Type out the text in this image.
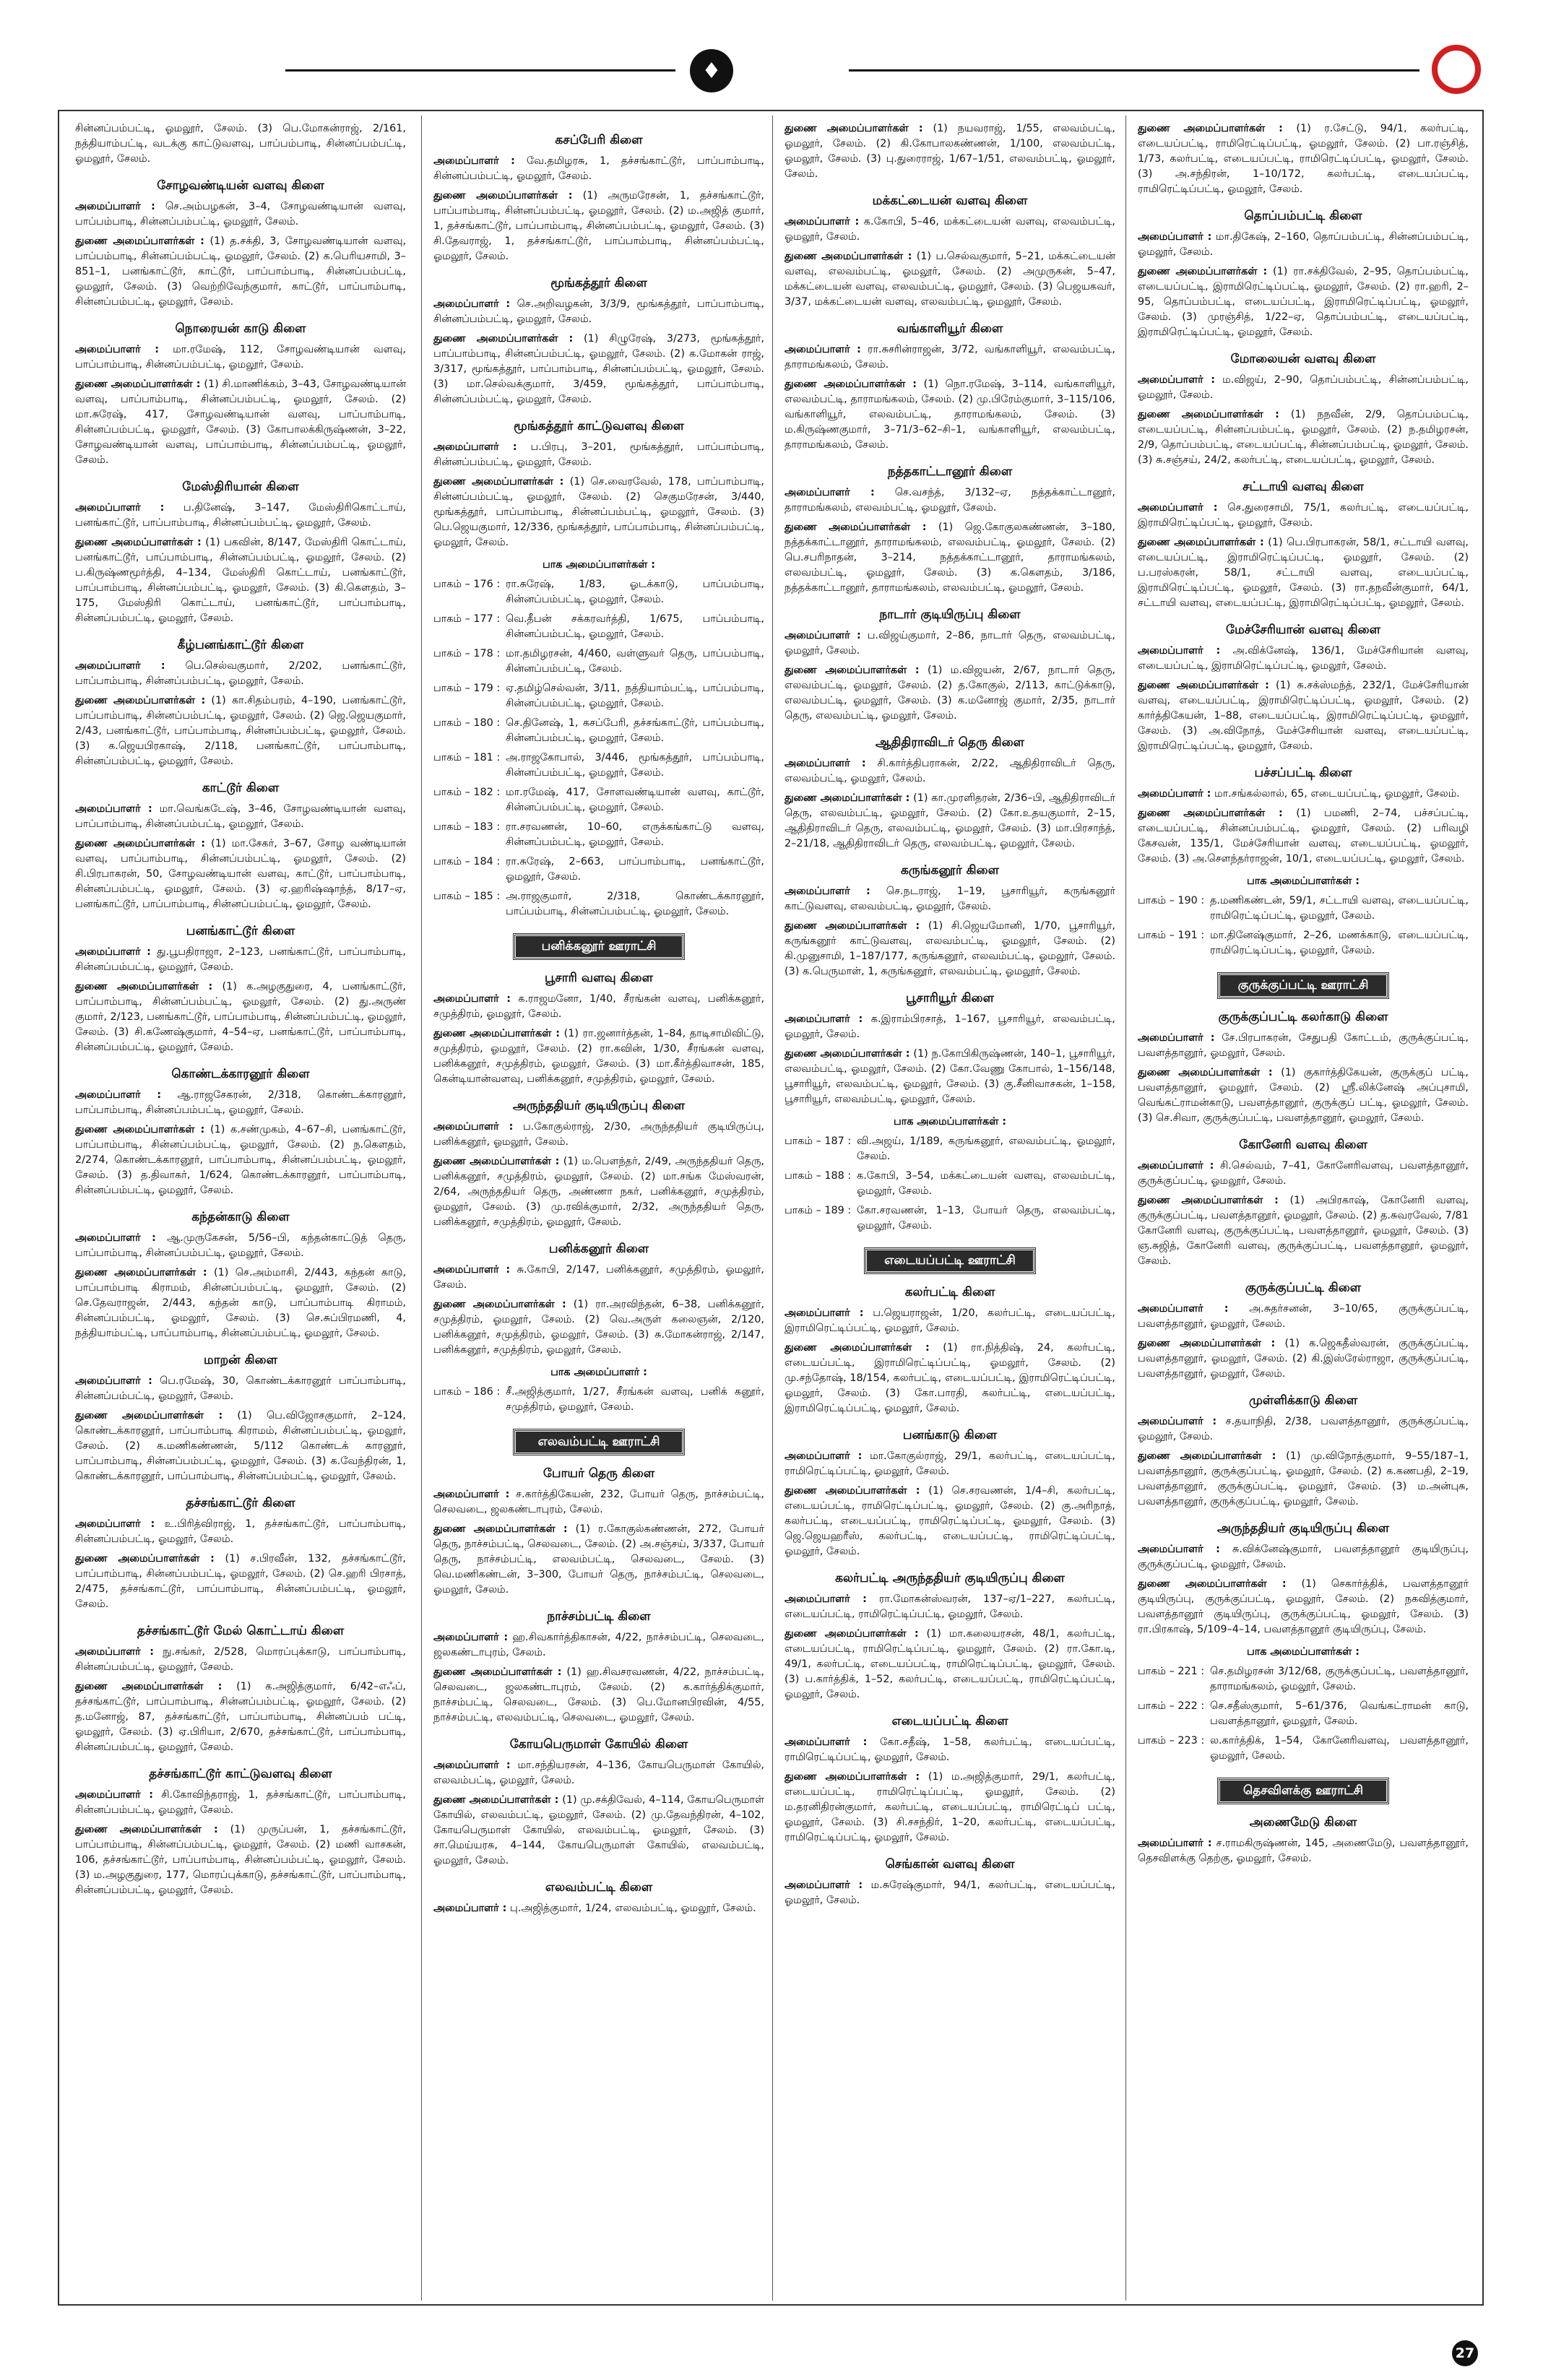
♦

சின்னப்பம்பட்டி, ஓமலூர், சேலம். (3) பெ.மோகன்ராஜ், 2/161, நத்தியாம்பட்டி, வடக்கு காட்டுவளவு, பாப்பம்பாடி, சின்னப்பம்பட்டி, ஓமலூர், சேலம்.

சோழவண்டியன் வளவு கிளை

அமைப்பாளர் : செ.அம்பழகன், 3–4, சோழவண்டியான் வளவு, பாப்பம்பாடி, சின்னப்பம்பட்டி, ஓமலூர், சேலம்.

துணை அமைப்பாளர்கள் : (1) த.சக்தி, 3, சோழவண்டியான் வளவு, பாப்பம்பாடி, சின்னப்பம்பட்டி, ஓமலூர், சேலம். (2) க.பெரியசாமி, 3–851–1, பனங்காட்டூர், காட்டூர், பாப்பாம்பாடி, சின்னப்பம்பட்டி, ஓமலூர், சேலம். (3) வெற்றிவேந்குமார், காட்டூர், பாப்பாம்பாடி, சின்னப்பம்பட்டி, ஓமலூர், சேலம்.

நொரையன் காடு கிளை

அமைப்பாளர் : மா.ரமேஷ், 112, சோழவண்டியான் வளவு, பாப்பாம்பாடி, சின்னப்பம்பட்டி, ஓமலூர், சேலம்.

துணை அமைப்பாளர்கள் : (1) சி.மாணிக்கம், 3–43, சோழவண்டியான் வளவு, பாப்பாம்பாடி, சின்னப்பம்பட்டி, ஓமலூர், சேலம். (2) மா.சுரேஷ், 417, சோழவண்டியான் வளவு, பாப்பாம்பாடி, சின்னப்பம்பட்டி, ஓமலூர், சேலம். (3) கோபாலக்கிருஷ்ணன், 3–22, சோழவண்டியான் வளவு, பாப்பாம்பாடி, சின்னப்பம்பட்டி, ஓமலூர், சேலம்.

மேஸ்திரியான் கிளை

அமைப்பாளர் : ப.தினேஷ், 3–147, மேஸ்திரிகொட்டாய், பனங்காட்டூர், பாப்பாம்பாடி, சின்னப்பம்பட்டி, ஓமலூர், சேலம்.

துணை அமைப்பாளர்கள் : (1) பகவின், 8/147, மேஸ்திரி கொட்டாய், பனங்காட்டூர், பாப்பாம்பாடி, சின்னப்பம்பட்டி, ஓமலூர், சேலம். (2) ப.கிருஷ்ணமூர்த்தி, 4–134, மேஸ்திரி கொட்டாய், பனங்காட்டூர், பாப்பாம்பாடி, சின்னப்பம்பட்டி, ஓமலூர், சேலம். (3) கி.கௌதம், 3–175, மேஸ்திரி கொட்டாய், பனங்காட்டூர், பாப்பாம்பாடி, சின்னப்பம்பட்டி, ஓமலூர், சேலம்.

கீழ்பனங்காட்டூர் கிளை

அமைப்பாளர் : பெ.செல்வகுமார், 2/202, பனங்காட்டூர், பாப்பாம்பாடி, சின்னப்பம்பட்டி, ஓமலூர், சேலம்.

துணை அமைப்பாளர்கள் : (1) கா.சிதம்பரம், 4–190, பனங்காட்டூர், பாப்பாம்பாடி, சின்னப்பம்பட்டி, ஓமலூர், சேலம். (2) ஜெ.ஜெயகுமார், 2/43, பனங்காட்டூர், பாப்பாம்பாடி, சின்னப்பம்பட்டி, ஓமலூர், சேலம். (3) க.ஜெயபிரகாஷ், 2/118, பனங்காட்டூர், பாப்பாம்பாடி, சின்னப்பம்பட்டி, ஓமலூர், சேலம்.

காட்டூர் கிளை

அமைப்பாளர் : மா.வெங்கடேஷ், 3–46, சோழவண்டியான் வளவு, பாப்பாம்பாடி, சின்னப்பம்பட்டி, ஓமலூர், சேலம்.

துணை அமைப்பாளர்கள் : (1) மா.சேகர், 3–67, சோழ வண்டியான் வளவு, பாப்பாம்பாடி, சின்னப்பம்பட்டி, ஓமலூர், சேலம். (2) சி.பிரபாகரன், 50, சோழவண்டியான் வளவு, காட்டூர், பாப்பாம்பாடி, சின்னப்பம்பட்டி, ஓமலூர், சேலம். (3) ஏ.ஹரிஷ்ஷாந்த், 8/17–ஏ, பனங்காட்டூர், பாப்பாம்பாடி, சின்னப்பம்பட்டி, ஓமலூர், சேலம்.

பனங்காட்டூர் கிளை

அமைப்பாளர் : து.பூபதிராஜா, 2–123, பனங்காட்டூர், பாப்பாம்பாடி, சின்னப்பம்பட்டி, ஓமலூர், சேலம்.

துணை அமைப்பாளர்கள் : (1) க.அழகுதுரை, 4, பனங்காட்டூர், பாப்பாம்பாடி, சின்னப்பம்பட்டி, ஓமலூர், சேலம். (2) து.அருண் குமார், 2/123, பனங்காட்டூர், பாப்பாம்பாடி, சின்னப்பம்பட்டி, ஓமலூர், சேலம். (3) சி.கணேஷ்குமார், 4–54–ஏ, பனங்காட்டூர், பாப்பாம்பாடி, சின்னப்பம்பட்டி, ஓமலூர், சேலம்.

கொண்டக்காரனூர் கிளை

அமைப்பாளர் : ஆ.ராஜசேகரன், 2/318, கொண்டக்காரனூர், பாப்பாம்பாடி, சின்னப்பம்பட்டி, ஓமலூர், சேலம்.

துணை அமைப்பாளர்கள் : (1) க.சண்முகம், 4–67–சி, பனங்காட்டூர், பாப்பாம்பாடி, சின்னப்பம்பட்டி, ஓமலூர், சேலம். (2) ந.கௌதம், 2/274, கொண்டக்காரனூர், பாப்பாம்பாடி, சின்னப்பம்பட்டி, ஓமலூர், சேலம். (3) த.திவாகர், 1/624, கொண்டக்காரனூர், பாப்பாம்பாடி, சின்னப்பம்பட்டி, ஓமலூர், சேலம்.

கந்தன்காடு கிளை

அமைப்பாளர் : ஆ.முருகேசன், 5/56–பி, கந்தன்காட்டுத் தெரு, பாப்பாம்பாடி, சின்னப்பம்பட்டி, ஓமலூர், சேலம்.

துணை அமைப்பாளர்கள் : (1) செ.அம்மாசி, 2/443, கந்தன் காடு, பாப்பாம்பாடி கிராமம், சின்னப்பம்பட்டி, ஓமலூர், சேலம். (2) செ.தேவராஜன், 2/443, கந்தன் காடு, பாப்பாம்பாடி கிராமம், சின்னப்பம்பட்டி, ஓமலூர், சேலம். (3) செ.சுப்பிரமணி, 4, நத்தியாம்பட்டி, பாப்பாம்பாடி, சின்னப்பம்பட்டி, ஓமலூர், சேலம்.

மாறன் கிளை

அமைப்பாளர் : பெ.ரமேஷ், 30, கொண்டக்காரனூர் பாப்பாம்பாடி, சின்னப்பம்பட்டி, ஓமலூர், சேலம்.

துணை அமைப்பாளர்கள் : (1) பெ.விஜோசகுமார், 2–124, கொண்டக்காரனூர், பாப்பாம்பாடி கிராமம், சின்னப்பம்பட்டி, ஓமலூர், சேலம். (2) க.மணிகண்ணன், 5/112 கொண்டக் காரனூர், பாப்பாம்பாடி, சின்னப்பம்பட்டி, ஓமலூர், சேலம். (3) க.வேந்திரன், 1, கொண்டக்காரனூர், பாப்பாம்பாடி, சின்னப்பம்பட்டி, ஓமலூர், சேலம்.

தச்சங்காட்டூர் கிளை

அமைப்பாளர் : உ.பிரித்விராஜ், 1, தச்சங்காட்டூர், பாப்பாம்பாடி, சின்னப்பம்பட்டி, ஓமலூர், சேலம்.

துணை அமைப்பாளர்கள் : (1) ச.பிரவீன், 132, தச்சங்காட்டூர், பாப்பாம்பாடி, சின்னப்பம்பட்டி, ஓமலூர், சேலம். (2) செ.ஹரி பிரசாத், 2/475, தச்சங்காட்டூர், பாப்பாம்பாடி, சின்னப்பம்பட்டி, ஓமலூர், சேலம்.

தச்சங்காட்டூர் மேல் கொட்டாய் கிளை

அமைப்பாளர் : நு.சங்கர், 2/528, மொரப்புக்காடு, பாப்பாம்பாடி, சின்னப்பம்பட்டி, ஓமலூர், சேலம்.

துணை அமைப்பாளர்கள் : (1) க.அஜித்குமார், 6/42–எஃப், தச்சங்காட்டூர், பாப்பாம்பாடி, சின்னப்பம்பட்டி, ஓமலூர், சேலம். (2) த.மனோஜ், 87, தச்சங்காட்டூர், பாப்பாம்பாடி, சின்னப்பம் பட்டி, ஓமலூர், சேலம். (3) ஏ.பிரியா, 2/670, தச்சங்காட்டூர், பாப்பாம்பாடி, சின்னப்பம்பட்டி, ஓமலூர், சேலம்.

தச்சங்காட்டூர் காட்டுவளவு கிளை

அமைப்பாளர் : சி.கோவிந்தராஜ், 1, தச்சங்காட்டூர், பாப்பாம்பாடி, சின்னப்பம்பட்டி, ஓமலூர், சேலம்.

துணை அமைப்பாளர்கள் : (1) முருப்பன், 1, தச்சங்காட்டூர், பாப்பாம்பாடி, சின்னப்பம்பட்டி, ஓமலூர், சேலம். (2) மணி வாசகன், 106, தச்சங்காட்டூர், பாப்பாம்பாடி, சின்னப்பம்பட்டி, ஓமலூர், சேலம். (3) ம.அழகுதுரை, 177, மொரப்புக்காடு, தச்சங்காட்டூர், பாப்பாம்பாடி, சின்னப்பம்பட்டி, ஓமலூர், சேலம்.

கசப்பேரி கிளை

அமைப்பாளர் : வே.தமிழரசு, 1, தச்சங்காட்டூர், பாப்பாம்பாடி, சின்னப்பம்பட்டி, ஓமலூர், சேலம்.

துணை அமைப்பாளர்கள் : (1) அருமரேசன், 1, தச்சங்காட்டூர், பாப்பாம்பாடி, சின்னப்பம்பட்டி, ஓமலூர், சேலம். (2) ம.அஜித் குமார், 1, தச்சங்காட்டூர், பாப்பாம்பாடி, சின்னப்பம்பட்டி, ஓமலூர், சேலம். (3) சி.தேவராஜ், 1, தச்சங்காட்டூர், பாப்பாம்பாடி, சின்னப்பம்பட்டி, ஓமலூர், சேலம்.

மூங்கத்தூர் கிளை

அமைப்பாளர் : செ.அறிவழகன், 3/3/9, மூங்கத்தூர், பாப்பாம்பாடி, சின்னப்பம்பட்டி, ஓமலூர், சேலம்.

துணை அமைப்பாளர்கள் : (1) சிழுரேஷ், 3/273, மூங்கத்தூர், பாப்பாம்பாடி, சின்னப்பம்பட்டி, ஓமலூர், சேலம். (2) க.மோகன் ராஜ், 3/317, மூங்கத்தூர், பாப்பாம்பாடி, சின்னப்பம்பட்டி, ஓமலூர், சேலம். (3) மா.செல்வக்குமார், 3/459, மூங்கத்தூர், பாப்பாம்பாடி, சின்னப்பம்பட்டி, ஓமலூர், சேலம்.

மூங்கத்தூர் காட்டுவளவு கிளை

அமைப்பாளர் : ப.பிரபு, 3–201, மூங்கத்தூர், பாப்பாம்பாடி, சின்னப்பம்பட்டி, ஓமலூர், சேலம்.

துணை அமைப்பாளர்கள் : (1) செ.வைரவேல், 178, பாப்பாம்பாடி, சின்னப்பம்பட்டி, ஓமலூர், சேலம். (2) செகுமரேசன், 3/440, மூங்கத்தூர், பாப்பாம்பாடி, சின்னப்பம்பட்டி, ஓமலூர், சேலம். (3) பெ.ஜெயகுமார், 12/336, மூங்கத்தூர், பாப்பாம்பாடி, சின்னப்பம்பட்டி, ஓமலூர், சேலம்.

பாக அமைப்பாளர்கள் :
பாகம் – 176 : ரா.சுரேஷ், 1/83, ஓடக்காடு, பாப்பம்பாடி, சின்னப்பம்பட்டி, ஓமலூர், சேலம்.
பாகம் – 177 : வெ.தீபன் சக்கரவர்த்தி, 1/675, பாப்பம்பாடி, சின்னப்பம்பட்டி, ஓமலூர், சேலம்.
பாகம் – 178 : மா.தமிழரசன், 4/460, வள்ளுவர் தெரு, பாப்பம்பாடி, சின்னப்பம்பட்டி, சேலம்.
பாகம் – 179 : ஏ.தமிழ்செல்வன், 3/11, நத்தியாம்பட்டி, பாப்பம்பாடி, சின்னப்பம்பட்டி, ஓமலூர், சேலம்.
பாகம் – 180 : செ.தினேஷ், 1, கசப்பேரி, தச்சங்காட்டூர், பாப்பம்பாடி, சின்னப்பம்பட்டி, ஓமலூர், சேலம்.
பாகம் – 181 : அ.ராஜகோபால், 3/446, மூங்கத்தூர், பாப்பம்பாடி, சின்னப்பம்பட்டி, ஓமலூர், சேலம்.
பாகம் – 182 : மா.ரமேஷ், 417, சோளவண்டியான் வளவு, காட்டூர், சின்னப்பம்பட்டி, ஓமலூர், சேலம்.
பாகம் – 183 : ரா.சரவணன், 10–60, எருக்கங்காட்டு வளவு, சின்னப்பம்பட்டி, ஓமலூர், சேலம்.
பாகம் – 184 : ரா.சுரேஷ், 2–663, பாப்பாம்பாடி, பனங்காட்டூர், ஓமலூர், சேலம்.
பாகம் – 185 : அ.ராஜகுமார், 2/318, கொண்டக்காரனூர், பாப்பம்பாடி, சின்னப்பம்பட்டி, ஓமலூர், சேலம்.
பனிக்கனூர் ஊராட்சி
பூசாரி வளவு கிளை

அமைப்பாளர் : க.ராஜமனோ, 1/40, சீரங்கன் வளவு, பனிக்கனூர், சமுத்திரம், ஓமலூர், சேலம்.

துணை அமைப்பாளர்கள் : (1) ரா.ஜனார்த்தன், 1–84, தாடிசாமிவிட்டு, சமுத்திரம், ஓமலூர், சேலம். (2) ரா.கவின், 1/30, சீரங்கன் வளவு, பனிக்கனூர், சமுத்திரம், ஓமலூர், சேலம். (3) மா.கீர்த்திவாசன், 185, கென்டியான்வளவு, பனிக்கனூர், சமுத்திரம், ஓமலூர், சேலம்.

அருந்ததியர் குடியிருப்பு கிளை

அமைப்பாளர் : ப.கோகுல்ராஜ், 2/30, அருந்ததியர் குடியிருப்பு, பனிக்கனூர், ஓமலூர், சேலம்.

துணை அமைப்பாளர்கள் : (1) ம.பௌந்தர், 2/49, அருந்ததியர் தெரு, பனிக்கனூர், சமுத்திரம், ஓமலூர், சேலம். (2) மா.சங்க மேஸ்வரன், 2/64, அருந்ததியர் தெரு, அண்ணா நகர், பனிக்கனூர், சமுத்திரம், ஓமலூர், சேலம். (3) மு.ரவிக்குமார், 2/32, அருந்ததியர் தெரு, பனிக்கனூர், சமுத்திரம், ஓமலூர், சேலம்.

பனிக்கனூர் கிளை

அமைப்பாளர் : சு.கோபி, 2/147, பனிக்கனூர், சமுத்திரம், ஓமலூர், சேலம்.

துணை அமைப்பாளர்கள் : (1) ரா.அரவிந்தன், 6–38, பனிக்கனூர், சமுத்திரம், ஓமலூர், சேலம். (2) வெ.அருள் கலைஞன், 2/120, பனிக்கனூர், சமுத்திரம், ஓமலூர், சேலம். (3) சு.மோகன்ராஜ், 2/147, பனிக்கனூர், சமுத்திரம், ஓமலூர், சேலம்.

பாக அமைப்பாளர் :
பாகம் – 186 : சீ.அஜித்குமார், 1/27, சீரங்கன் வளவு, பனிக் கனூர், சமுத்திரம், ஓமலூர், சேலம்.
எலவம்பட்டி ஊராட்சி
போயர் தெரு கிளை

அமைப்பாளர் : ச.கார்த்திகேயன், 232, போயர் தெரு, நாச்சம்பட்டி, செலவடை, ஜலகண்டாபுரம், சேலம்.

துணை அமைப்பாளர்கள் : (1) ர.கோகுல்கண்ணன், 272, போயர் தெரு, நாச்சம்பட்டி, செலவடை, சேலம். (2) அ.சஞ்சய், 3/337, போயர் தெரு, நாச்சம்பட்டி, எலவம்பட்டி, செலவடை, சேலம். (3) வெ.மணிகண்டன், 3–300, போயர் தெரு, நாச்சம்பட்டி, செலவடை, ஓமலூர், சேலம்.

நாச்சம்பட்டி கிளை

அமைப்பாளர் : ஹ.சிவகார்த்திகாசன், 4/22, நாச்சம்பட்டி, செலவடை, ஜலகண்டாபுரம், சேலம்.

துணை அமைப்பாளர்கள் : (1) ஹ.சிவசரவணன், 4/22, நாச்சம்பட்டி, செலவடை, ஜலகண்டாபுரம், சேலம். (2) க.கார்த்திக்குமார், நாச்சம்பட்டி, செலவடை, சேலம். (3) பெ.மோனபிரவின், 4/55, நாச்சம்பட்டி, எலவம்பட்டி, செலவடை, ஓமலூர், சேலம்.

கோயபெருமாள் கோயில் கிளை

அமைப்பாளர் : மா.சந்தியரசன், 4–136, கோயபெருமாள் கோயில், எலவம்பட்டி, ஓமலூர், சேலம்.

துணை அமைப்பாளர்கள் : (1) மு.சக்திவேல், 4–114, கோயபெருமாள் கோயில், எலவம்பட்டி, ஓமலூர், சேலம். (2) மு.தேவந்திரன், 4–102, கோயபெருமாள் கோயில், எலவம்பட்டி, ஓமலூர், சேலம். (3) சா.மெய்யரசு, 4–144, கோயபெருமாள் கோயில், எலவம்பட்டி, ஓமலூர், சேலம்.

எலவம்பட்டி கிளை

அமைப்பாளர் : பு.அஜித்குமார், 1/24, எலவம்பட்டி, ஓமலூர், சேலம்.

துணை அமைப்பாளர்கள் : (1) நயவராஜ், 1/55, எலவம்பட்டி, ஓமலூர், சேலம். (2) கி.கோபாலகண்ணன், 1/100, எலவம்பட்டி, ஓமலூர், சேலம். (3) பு.துரைராஜ், 1/67–1/51, எலவம்பட்டி, ஓமலூர், சேலம்.

மக்கட்டையன் வளவு கிளை

அமைப்பாளர் : க.கோபி, 5–46, மக்கட்டையன் வளவு, எலவம்பட்டி, ஓமலூர், சேலம்.

துணை அமைப்பாளர்கள் : (1) ப.செல்வகுமார், 5–21, மக்கட்டையன் வளவு, எலவம்பட்டி, ஓமலூர், சேலம். (2) அமுருகன், 5–47, மக்கட்டையன் வளவு, எலவம்பட்டி, ஓமலூர், சேலம். (3) பெஜயகவர், 3/37, மக்கட்டையன் வளவு, எலவம்பட்டி, ஓமலூர், சேலம்.

வங்காளியூர் கிளை

அமைப்பாளர் : ரா.சுசரின்ராஜன், 3/72, வங்காளியூர், எலவம்பட்டி, தாராமங்கலம், சேலம்.

துணை அமைப்பாளர்கள் : (1) நொ.ரமேஷ், 3–114, வங்காளியூர், எலவம்பட்டி, தாராமங்கலம், சேலம். (2) மு.பிரேம்குமார், 3–115/106, வங்காளியூர், எலவம்பட்டி, தாராமங்கலம், சேலம். (3) ம.கிருஷ்ணகுமார், 3–71/3–62–சி–1, வங்காளியூர், எலவம்பட்டி, தாராமங்கலம், சேலம்.

நத்தகாட்டானூர் கிளை

அமைப்பாளர் : செ.வசந்த், 3/132–ஏ, நத்தக்காட்டானூர், தாராமங்கலம், எலவம்பட்டி, ஓமலூர், சேலம்.

துணை அமைப்பாளர்கள் : (1) ஜெ.கோகுலகண்ணன், 3–180, நத்தக்காட்டானூர், தாராமங்கலம், எலவம்பட்டி, ஓமலூர், சேலம். (2) பெ.சபரிநாதன், 3–214, நத்தக்காட்டானூர், தாராமங்கலம், எலவம்பட்டி, ஓமலூர், சேலம். (3) க.கௌதம், 3/186, நத்தக்காட்டானூர், தாராமங்கலம், எலவம்பட்டி, ஓமலூர், சேலம்.

நாடார் குடியிருப்பு கிளை

அமைப்பாளர் : ப.விஜய்குமார், 2–86, நாடார் தெரு, எலவம்பட்டி, ஓமலூர், சேலம்.

துணை அமைப்பாளர்கள் : (1) ம.விஜயன், 2/67, நாடார் தெரு, எலவம்பட்டி, ஓமலூர், சேலம். (2) த.கோகுல், 2/113, காட்டுக்காடு, எலவம்பட்டி, ஓமலூர், சேலம். (3) க.மனோஜ் குமார், 2/35, நாடார் தெரு, எலவம்பட்டி, ஓமலூர், சேலம்.

ஆதிதிராவிடர் தெரு கிளை

அமைப்பாளர் : சி.கார்த்திபராகன், 2/22, ஆதிதிராவிடர் தெரு, எலவம்பட்டி, ஓமலூர், சேலம்.

துணை அமைப்பாளர்கள் : (1) கா.முரளிதரன், 2/36–பி, ஆதிதிராவிடர் தெரு, எலவம்பட்டி, ஓமலூர், சேலம். (2) கோ.உதயகுமார், 2–15, ஆதிதிராவிடர் தெரு, எலவம்பட்டி, ஓமலூர், சேலம். (3) மா.பிரசாந்த், 2–21/18, ஆதிதிராவிடர் தெரு, எலவம்பட்டி, ஓமலூர், சேலம்.

கருங்கனூர் கிளை

அமைப்பாளர் : செ.நடராஜ், 1–19, பூசாரியூர், கருங்கனூர் காட்டுவளவு, எலவம்பட்டி, ஓமலூர், சேலம்.

துணை அமைப்பாளர்கள் : (1) சி.ஜெயமோனி, 1/70, பூசாரியூர், கருங்கனூர் காட்டுவளவு, எலவம்பட்டி, ஓமலூர், சேலம். (2) கி.முனுசாமி, 1–187/177, கருங்கனூர், எலவம்பட்டி, ஓமலூர், சேலம். (3) க.பெருமாள், 1, கருங்கனூர், எலவம்பட்டி, ஓமலூர், சேலம்.

பூசாரியூர் கிளை

அமைப்பாளர் : க.இராம்பிரசாத், 1–167, பூசாரியூர், எலவம்பட்டி, ஓமலூர், சேலம்.

துணை அமைப்பாளர்கள் : (1) ந.கோபிகிருஷ்ணன், 140–1, பூசாரியூர், எலவம்பட்டி, ஓமலூர், சேலம். (2) கோ.வேணு கோபால், 1–156/148, பூசாரியூர், எலவம்பட்டி, ஓமலூர், சேலம். (3) கு.சீனிவாசகன், 1–158, பூசாரியூர், எலவம்பட்டி, ஓமலூர், சேலம்.

பாக அமைப்பாளர்கள் :
பாகம் – 187 : வி.அஜய், 1/189, கருங்கனூர், எலவம்பட்டி, ஓமலூர், சேலம்.
பாகம் – 188 : க.கோபி, 3–54, மக்கட்டையன் வளவு, எலவம்பட்டி, ஓமலூர், சேலம்.
பாகம் – 189 : கோ.சரவணன், 1–13, போயர் தெரு, எலவம்பட்டி, ஓமலூர், சேலம்.
எடையப்பட்டி ஊராட்சி
கலர்பட்டி கிளை

அமைப்பாளர் : ப.ஜெயராஜன், 1/20, கலர்பட்டி, எடையப்பட்டி, இராமிரெட்டிப்பட்டி, ஓமலூர், சேலம்.

துணை அமைப்பாளர்கள் : (1) ரா.நித்திஷ், 24, கலர்பட்டி, எடையப்பட்டி, இராமிரெட்டிப்பட்டி, ஓமலூர், சேலம். (2) மு.சந்தோஷ், 18/154, கலர்பட்டி, எடையப்பட்டி, இராமிரெட்டிப்பட்டி, ஓமலூர், சேலம். (3) கோ.பாரதி, கலர்பட்டி, எடையப்பட்டி, இராமிரெட்டிப்பட்டி, ஓமலூர், சேலம்.

பனங்காடு கிளை

அமைப்பாளர் : மா.கோகுல்ராஜ், 29/1, கலர்பட்டி, எடையப்பட்டி, ராமிரெட்டிப்பட்டி, ஓமலூர், சேலம்.

துணை அமைப்பாளர்கள் : (1) செ.சரவணன், 1/4–சி, கலர்பட்டி, எடையப்பட்டி, ராமிரெட்டிப்பட்டி, ஓமலூர், சேலம். (2) கு.அரிநாத், கலர்பட்டி, எடையப்பட்டி, ராமிரெட்டிப்பட்டி, ஓமலூர், சேலம். (3) ஜெ.ஜெயஹரீஸ், கலர்பட்டி, எடையப்பட்டி, ராமிரெட்டிப்பட்டி, ஓமலூர், சேலம்.

கலர்பட்டி அருந்ததியர் குடியிருப்பு கிளை

அமைப்பாளர் : ரா.மோகன்ஸ்வரன், 137–ஏ/1–227, கலர்பட்டி, எடையப்பட்டி, ராமிரெட்டிப்பட்டி, ஓமலூர், சேலம்.

துணை அமைப்பாளர்கள் : (1) மா.கலையரசன், 48/1, கலர்பட்டி, எடையப்பட்டி, ராமிரெட்டிப்பட்டி, ஓமலூர், சேலம். (2) ரா.கோ.டி, 49/1, கலர்பட்டி, எடையப்பட்டி, ராமிரெட்டிப்பட்டி, ஓமலூர், சேலம். (3) ப.கார்த்திக், 1–52, கலர்பட்டி, எடையப்பட்டி, ராமிரெட்டிப்பட்டி, ஓமலூர், சேலம்.

எடையப்பட்டி கிளை

அமைப்பாளர் : கோ.சதீஷ், 1–58, கலர்பட்டி, எடையப்பட்டி, ராமிரெட்டிப்பட்டி, ஓமலூர், சேலம்.

துணை அமைப்பாளர்கள் : (1) ம.அஜித்குமார், 29/1, கலர்பட்டி, எடையப்பட்டி, ராமிரெட்டிப்பட்டி, ஓமலூர், சேலம். (2) ம.தரனிதிரன்குமார், கலர்பட்டி, எடையப்பட்டி, ராமிரெட்டிப் பட்டி, ஓமலூர், சேலம். (3) சி.சசந்திர், 1–20, கலர்பட்டி, எடையப்பட்டி, ராமிரெட்டிப்பட்டி, ஓமலூர், சேலம்.

செங்கான் வளவு கிளை

அமைப்பாளர் : ம.சுரேஷ்குமார், 94/1, கலர்பட்டி, எடையப்பட்டி, ஓமலூர், சேலம்.

துணை அமைப்பாளர்கள் : (1) ர.சேட்டு, 94/1, கலர்பட்டி, எடையப்பட்டி, ராமிரெட்டிப்பட்டி, ஓமலூர், சேலம். (2) பா.ரஞ்சித், 1/73, கலர்பட்டி, எடையப்பட்டி, ராமிரெட்டிப்பட்டி, ஓமலூர், சேலம். (3) அ.சந்திரன், 1–10/172, கலர்பட்டி, எடையப்பட்டி, ராமிரெட்டிப்பட்டி, ஓமலூர், சேலம்.

தொப்பம்பட்டி கிளை

அமைப்பாளர் : மா.திகேஷ், 2–160, தொப்பம்பட்டி, சின்னப்பம்பட்டி, ஓமலூர், சேலம்.

துணை அமைப்பாளர்கள் : (1) ரா.சக்திவேல், 2–95, தொப்பம்பட்டி, எடையப்பட்டி, இராமிரெட்டிப்பட்டி, ஓமலூர், சேலம். (2) ரா.ஹரி, 2–95, தொப்பம்பட்டி, எடையப்பட்டி, இராமிரெட்டிப்பட்டி, ஓமலூர், சேலம். (3) முரஞ்சித், 1/22–ஏ, தொப்பம்பட்டி, எடையப்பட்டி, இராமிரெட்டிப்பட்டி, ஓமலூர், சேலம்.

மோலையன் வளவு கிளை

அமைப்பாளர் : ம.விஜய், 2–90, தொப்பம்பட்டி, சின்னப்பம்பட்டி, ஓமலூர், சேலம்.

துணை அமைப்பாளர்கள் : (1) நநவீன், 2/9, தொப்பம்பட்டி, எடையப்பட்டி, சின்னப்பம்பட்டி, ஓமலூர், சேலம். (2) ந.தமிழரசன், 2/9, தொப்பம்பட்டி, எடையப்பட்டி, சின்னப்பம்பட்டி, ஓமலூர், சேலம். (3) சு.சஞ்சய், 24/2, கலர்பட்டி, எடையப்பட்டி, ஓமலூர், சேலம்.

சட்டாயி வளவு கிளை

அமைப்பாளர் : செ.துரைசாமி, 75/1, கலர்பட்டி, எடையப்பட்டி, இராமிரெட்டிப்பட்டி, ஓமலூர், சேலம்.

துணை அமைப்பாளர்கள் : (1) பெ.பிரபாகரன், 58/1, சட்டாயி வளவு, எடையப்பட்டி, இராமிரெட்டிப்பட்டி, ஓமலூர், சேலம். (2) ப.பரஸ்கரன், 58/1, சட்டாயி வளவு, எடையப்பட்டி, இராமிரெட்டிப்பட்டி, ஓமலூர், சேலம். (3) ரா.தநவீன்குமார், 64/1, சட்டாயி வளவு, எடையப்பட்டி, இராமிரெட்டிப்பட்டி, ஓமலூர், சேலம்.

மேச்சேரியான் வளவு கிளை

அமைப்பாளர் : அ.விக்னேஷ், 136/1, மேச்சேரியான் வளவு, எடையப்பட்டி, இராமிரெட்டிப்பட்டி, ஓமலூர், சேலம்.

துணை அமைப்பாளர்கள் : (1) சு.சக்ஸ்மந்த், 232/1, மேச்சேரியான் வளவு, எடையப்பட்டி, இராமிரெட்டிப்பட்டி, ஓமலூர், சேலம். (2) கார்த்திகேயன், 1–88, எடையப்பட்டி, இராமிரெட்டிப்பட்டி, ஓமலூர், சேலம். (3) அ.விநோத், மேச்சேரியான் வளவு, எடையப்பட்டி, இராமிரெட்டிப்பட்டி, ஓமலூர், சேலம்.

பச்சப்பட்டி கிளை

அமைப்பாளர் : மா.சங்கல்லால், 65, எடையப்பட்டி, ஓமலூர், சேலம்.

துணை அமைப்பாளர்கள் : (1) பமணி, 2–74, பச்சப்பட்டி, எடையப்பட்டி, சின்னப்பம்பட்டி, ஓமலூர், சேலம். (2) பரிவழி கேசவன், 135/1, மேச்சேரியான் வளவு, எடையப்பட்டி, ஓமலூர், சேலம். (3) அ.சௌந்தர்ராஜன், 10/1, எடையப்பட்டி, ஓமலூர், சேலம்.

பாக அமைப்பாளர்கள் :
பாகம் – 190 : த.மணிகண்டன், 59/1, சட்டாயி வளவு, எடையப்பட்டி, ராமிரெட்டிப்பட்டி, ஓமலூர், சேலம்.
பாகம் – 191 : மா.தினேஷ்குமார், 2–26, மணக்காடு, எடையப்பட்டி, ராமிரெட்டிப்பட்டி, ஓமலூர், சேலம்.
குருக்குப்பட்டி ஊராட்சி
குருக்குப்பட்டி கலர்காடு கிளை

அமைப்பாளர் : சே.பிரபாகரன், சேதுபதி கோட்டம், குருக்குப்பட்டி, பவளத்தானூர், ஓமலூர், சேலம்.

துணை அமைப்பாளர்கள் : (1) குகார்த்திகேயன், குருக்குப் பட்டி, பவளத்தானூர், ஓமலூர், சேலம். (2) ஸ்ரீ.லிக்னேஷ் அப்புசாமி, வெங்கட்ராமன்காடு, பவளத்தானூர், குருக்குப் பட்டி, ஓமலூர், சேலம். (3) செ.சிவா, குருக்குப்பட்டி, பவளத்தானூர், ஓமலூர், சேலம்.

கோனேரி வளவு கிளை

அமைப்பாளர் : சி.செல்வம், 7–41, கோனேரிவளவு, பவளத்தானூர், குருக்குப்பட்டி, ஓமலூர், சேலம்.

துணை அமைப்பாளர்கள் : (1) அபிரகாஷ், கோனேரி வளவு, குருக்குப்பட்டி, பவளத்தானூர், ஓமலூர், சேலம். (2) த.சுவரவேல், 7/81 கோனேரி வளவு, குருக்குப்பட்டி, பவளத்தானூர், ஓமலூர், சேலம். (3) ஞ.சுஜித், கோனேரி வளவு, குருக்குப்பட்டி, பவளத்தானூர், ஓமலூர், சேலம்.

குருக்குப்பட்டி கிளை

அமைப்பாளர் : அ.சுதர்சனன், 3–10/65, குருக்குப்பட்டி, பவளத்தானூர், ஓமலூர், சேலம்.

துணை அமைப்பாளர்கள் : (1) க.ஜெகதீஸ்வரன், குருக்குப்பட்டி, பவளத்தானூர், ஓமலூர், சேலம். (2) கி.இஸ்ரேல்ராஜா, குருக்குப்பட்டி, பவளத்தானூர், ஓமலூர், சேலம்.

முள்ளிக்காடு கிளை

அமைப்பாளர் : ச.தயாநிதி, 2/38, பவளத்தானூர், குருக்குப்பட்டி, ஓமலூர், சேலம்.

துணை அமைப்பாளர்கள் : (1) மு.விநோத்குமார், 9–55/187–1, பவளத்தானூர், குருக்குப்பட்டி, ஓமலூர், சேலம். (2) க.கணபதி, 2–19, பவளத்தானூர், குருக்குப்பட்டி, ஓமலூர், சேலம். (3) ம.அன்புசு, பவளத்தானூர், குருக்குப்பட்டி, ஓமலூர், சேலம்.

அருந்ததியர் குடியிருப்பு கிளை

அமைப்பாளர் : சு.விக்னேஷ்குமார், பவளத்தானூர் குடியிருப்பு, குருக்குப்பட்டி, ஓமலூர், சேலம்.

துணை அமைப்பாளர்கள் : (1) செகார்த்திக், பவளத்தானூர் குடியிருப்பு, குருக்குப்பட்டி, ஓமலூர், சேலம். (2) நகவித்குமார், பவளத்தானூர் குடியிருப்பு, குருக்குப்பட்டி, ஓமலூர், சேலம். (3) ரா.பிரகாஷ், 5/109–4–14, பவளத்தானூர் குடியிருப்பு, சேலம்.

பாக அமைப்பாளர்கள் :
பாகம் – 221 : செ.தமிழரசன் 3/12/68, குருக்குப்பட்டி, பவளத்தானூர், தாராமங்கலம், ஓமலூர், சேலம்.
பாகம் – 222 : செ.சதீஸ்குமார், 5–61/376, வெங்கட்ராமன் காடு, பவளத்தானூர், ஓமலூர், சேலம்.
பாகம் – 223 : ல.கார்த்திக், 1–54, கோனேரிவளவு, பவளத்தானூர், ஓமலூர், சேலம்.
தெசவிளக்கு ஊராட்சி
அணைமேடு கிளை

அமைப்பாளர் : ச.ராமகிருஷ்ணன், 145, அணைமேடு, பவளத்தானூர், தெசவிளக்கு தெற்கு, ஓமலூர், சேலம்.

27
